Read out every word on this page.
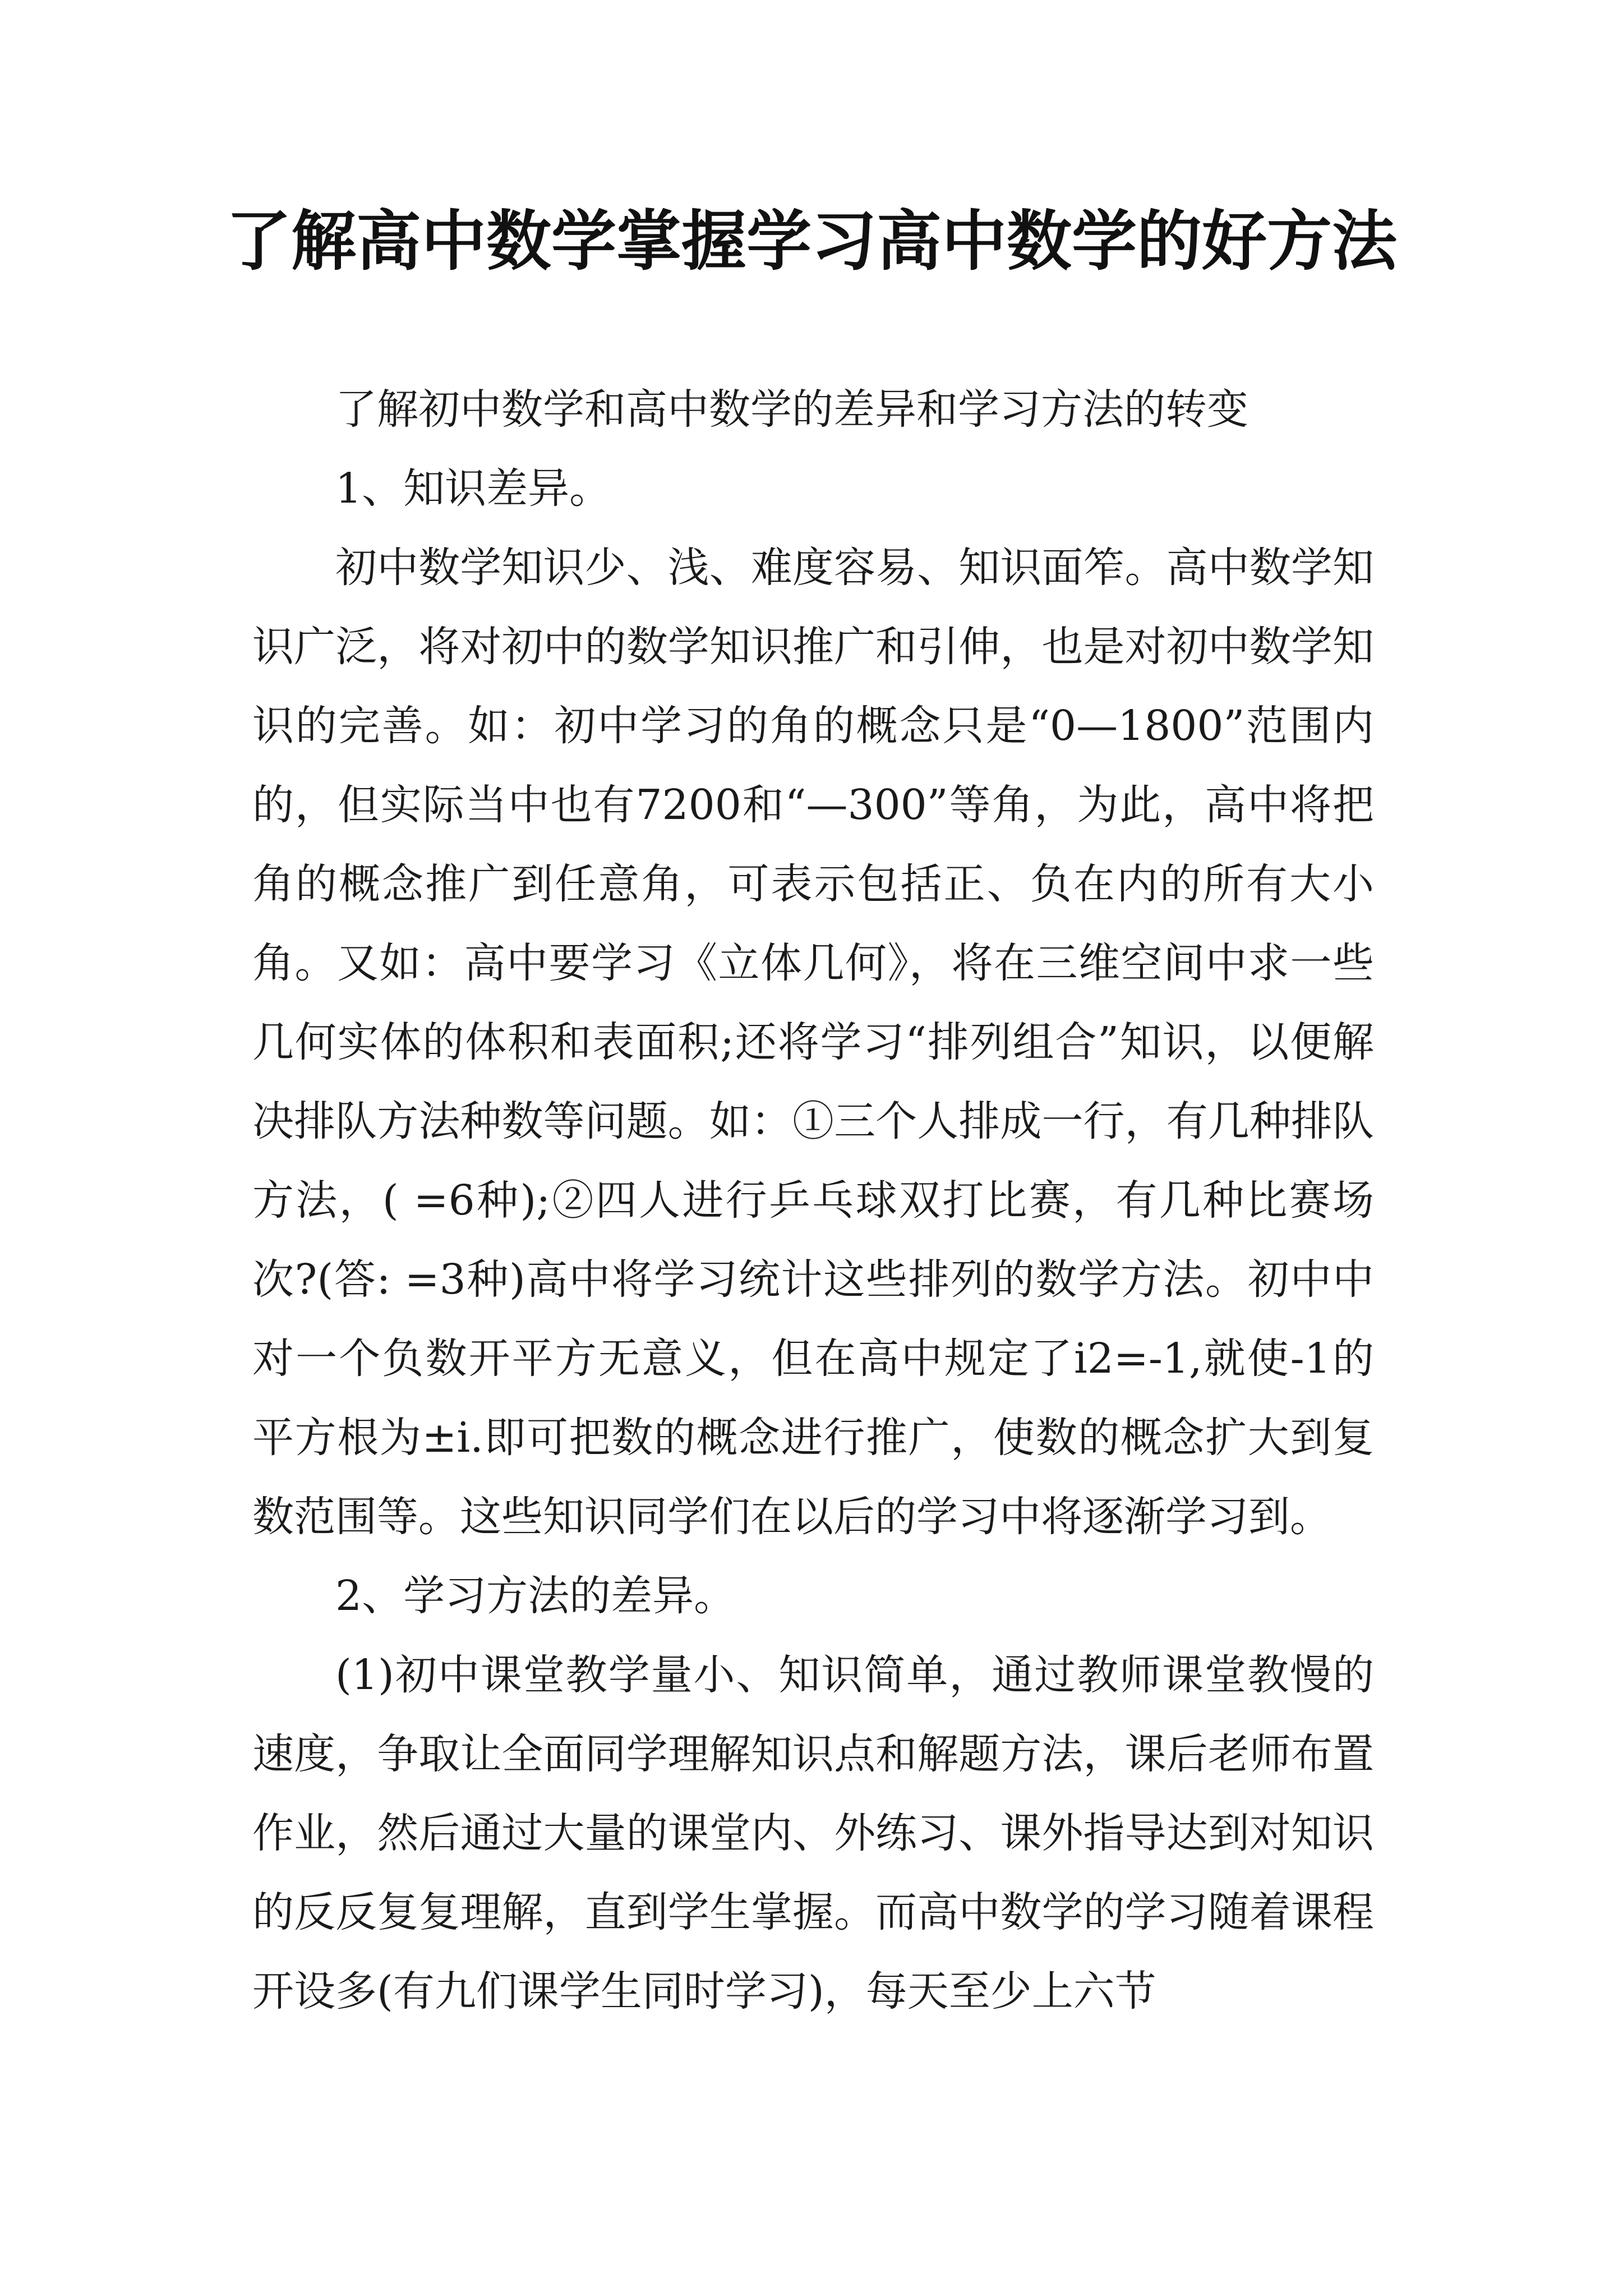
了解高中数学掌握学习高中数学的好方法

了解初中数学和高中数学的差异和学习方法的转变

1、知识差异。

初中数学知识少、浅、难度容易、知识面笮。高中数学知识广泛，将对初中的数学知识推广和引伸，也是对初中数学知识的完善。如：初中学习的角的概念只是“0—1800”范围内的，但实际当中也有7200和“—300”等角，为此，高中将把角的概念推广到任意角，可表示包括正、负在内的所有大小角。又如：高中要学习《立体几何》，将在三维空间中求一些几何实体的体积和表面积;还将学习“排列组合”知识，以便解决排队方法种数等问题。如：①三个人排成一行，有几种排队方法，( =6种);②四人进行乒乓球双打比赛，有几种比赛场次?(答: =3种)高中将学习统计这些排列的数学方法。初中中对一个负数开平方无意义，但在高中规定了i2=-1,就使-1的平方根为±i.即可把数的概念进行推广，使数的概念扩大到复数范围等。这些知识同学们在以后的学习中将逐渐学习到。

2、学习方法的差异。

(1)初中课堂教学量小、知识简单，通过教师课堂教慢的速度，争取让全面同学理解知识点和解题方法，课后老师布置作业，然后通过大量的课堂内、外练习、课外指导达到对知识的反反复复理解，直到学生掌握。而高中数学的学习随着课程开设多(有九们课学生同时学习)，每天至少上六节
